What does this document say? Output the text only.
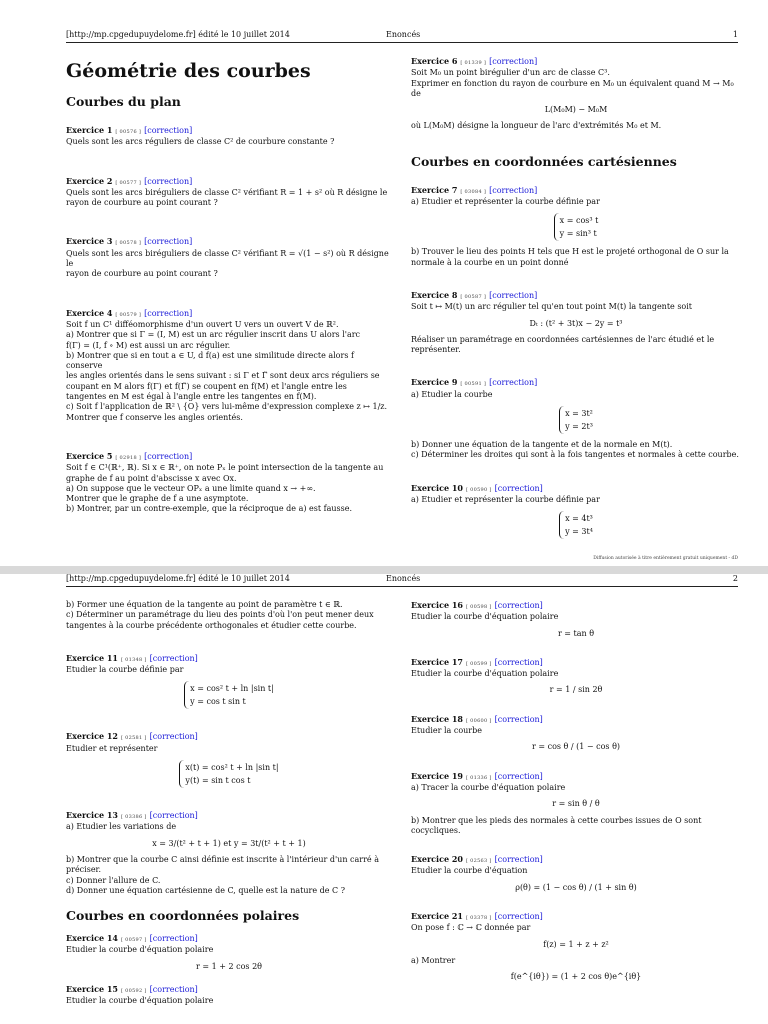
[http://mp.cpgedupuydelome.fr] édité le 10 juillet 2014	Enoncés	1
Géométrie des courbes
Courbes du plan
Exercice 1 [ 00576 ] [correction]
Quels sont les arcs réguliers de classe C² de courbure constante ?
Exercice 2 [ 00577 ] [correction]
Quels sont les arcs biréguliers de classe C² vérifiant R = 1 + s² où R désigne le
rayon de courbure au point courant ?
Exercice 3 [ 00578 ] [correction]
Quels sont les arcs biréguliers de classe C² vérifiant R = √(1 − s²) où R désigne le
rayon de courbure au point courant ?
Exercice 4 [ 00579 ] [correction]
Soit f un C¹ difféomorphisme d'un ouvert U vers un ouvert V de ℝ².
a) Montrer que si Γ = (I, M) est un arc régulier inscrit dans U alors l'arc
f(Γ) = (I, f ∘ M) est aussi un arc régulier.
b) Montrer que si en tout a ∈ U, d f(a) est une similitude directe alors f conserve
les angles orientés dans le sens suivant : si Γ et Γ̃ sont deux arcs réguliers se
coupant en M alors f(Γ) et f(Γ̃) se coupent en f(M) et l'angle entre les
tangentes en M est égal à l'angle entre les tangentes en f(M).
c) Soit f l'application de ℝ² \ {O} vers lui-même d'expression complexe z ↦ 1/z.
Montrer que f conserve les angles orientés.
Exercice 5 [ 02918 ] [correction]
Soit f ∈ C¹(ℝ⁺, ℝ). Si x ∈ ℝ⁺, on note Pₓ le point intersection de la tangente au
graphe de f au point d'abscisse x avec Ox.
a) On suppose que le vecteur OPₓ a une limite quand x → +∞.
Montrer que le graphe de f a une asymptote.
b) Montrer, par un contre-exemple, que la réciproque de a) est fausse.
Exercice 6 [ 01339 ] [correction]
Soit M₀ un point birégulier d'un arc de classe C³.
Exprimer en fonction du rayon de courbure en M₀ un équivalent quand M → M₀
de
L(M₀M) − M₀M
où L(M₀M) désigne la longueur de l'arc d'extrémités M₀ et M.
Courbes en coordonnées cartésiennes
Exercice 7 [ 03084 ] [correction]
a) Etudier et représenter la courbe définie par
x = cos³ t
y = sin³ t
b) Trouver le lieu des points H tels que H est le projeté orthogonal de O sur la
normale à la courbe en un point donné
Exercice 8 [ 00587 ] [correction]
Soit t ↦ M(t) un arc régulier tel qu'en tout point M(t) la tangente soit
Dₜ : (t² + 3t)x − 2y = t³
Réaliser un paramétrage en coordonnées cartésiennes de l'arc étudié et le
représenter.
Exercice 9 [ 00591 ] [correction]
a) Etudier la courbe
x = 3t²
y = 2t³
b) Donner une équation de la tangente et de la normale en M(t).
c) Déterminer les droites qui sont à la fois tangentes et normales à cette courbe.
Exercice 10 [ 00590 ] [correction]
a) Etudier et représenter la courbe définie par
x = 4t³
y = 3t⁴
Diffusion autorisée à titre entièrement gratuit uniquement - dD
[http://mp.cpgedupuydelome.fr] édité le 10 juillet 2014	Enoncés	2
b) Former une équation de la tangente au point de paramètre t ∈ ℝ.
c) Déterminer un paramétrage du lieu des points d'où l'on peut mener deux
tangentes à la courbe précédente orthogonales et étudier cette courbe.
Exercice 11 [ 01348 ] [correction]
Etudier la courbe définie par
x = cos² t + ln |sin t|
y = cos t sin t
Exercice 12 [ 02581 ] [correction]
Etudier et représenter
x(t) = cos² t + ln |sin t|
y(t) = sin t cos t
Exercice 13 [ 03386 ] [correction]
a) Etudier les variations de
x = 3/(t² + t + 1) et y = 3t/(t² + t + 1)
b) Montrer que la courbe C ainsi définie est inscrite à l'intérieur d'un carré à
préciser.
c) Donner l'allure de C.
d) Donner une équation cartésienne de C, quelle est la nature de C ?
Courbes en coordonnées polaires
Exercice 14 [ 00597 ] [correction]
Etudier la courbe d'équation polaire
r = 1 + 2 cos 2θ
Exercice 15 [ 00592 ] [correction]
Etudier la courbe d'équation polaire
Exercice 16 [ 00598 ] [correction]
Etudier la courbe d'équation polaire
r = tan θ
Exercice 17 [ 00599 ] [correction]
Etudier la courbe d'équation polaire
r = 1 / sin 2θ
Exercice 18 [ 00600 ] [correction]
Etudier la courbe
r = cos θ / (1 − cos θ)
Exercice 19 [ 01336 ] [correction]
a) Tracer la courbe d'équation polaire
r = sin θ / θ
b) Montrer que les pieds des normales à cette courbes issues de O sont cocycliques.
Exercice 20 [ 02563 ] [correction]
Etudier la courbe d'équation
ρ(θ) = (1 − cos θ) / (1 + sin θ)
Exercice 21 [ 03378 ] [correction]
On pose f : ℂ → ℂ donnée par
f(z) = 1 + z + z²
a) Montrer
f(e^{iθ}) = (1 + 2 cos θ)e^{iθ}
